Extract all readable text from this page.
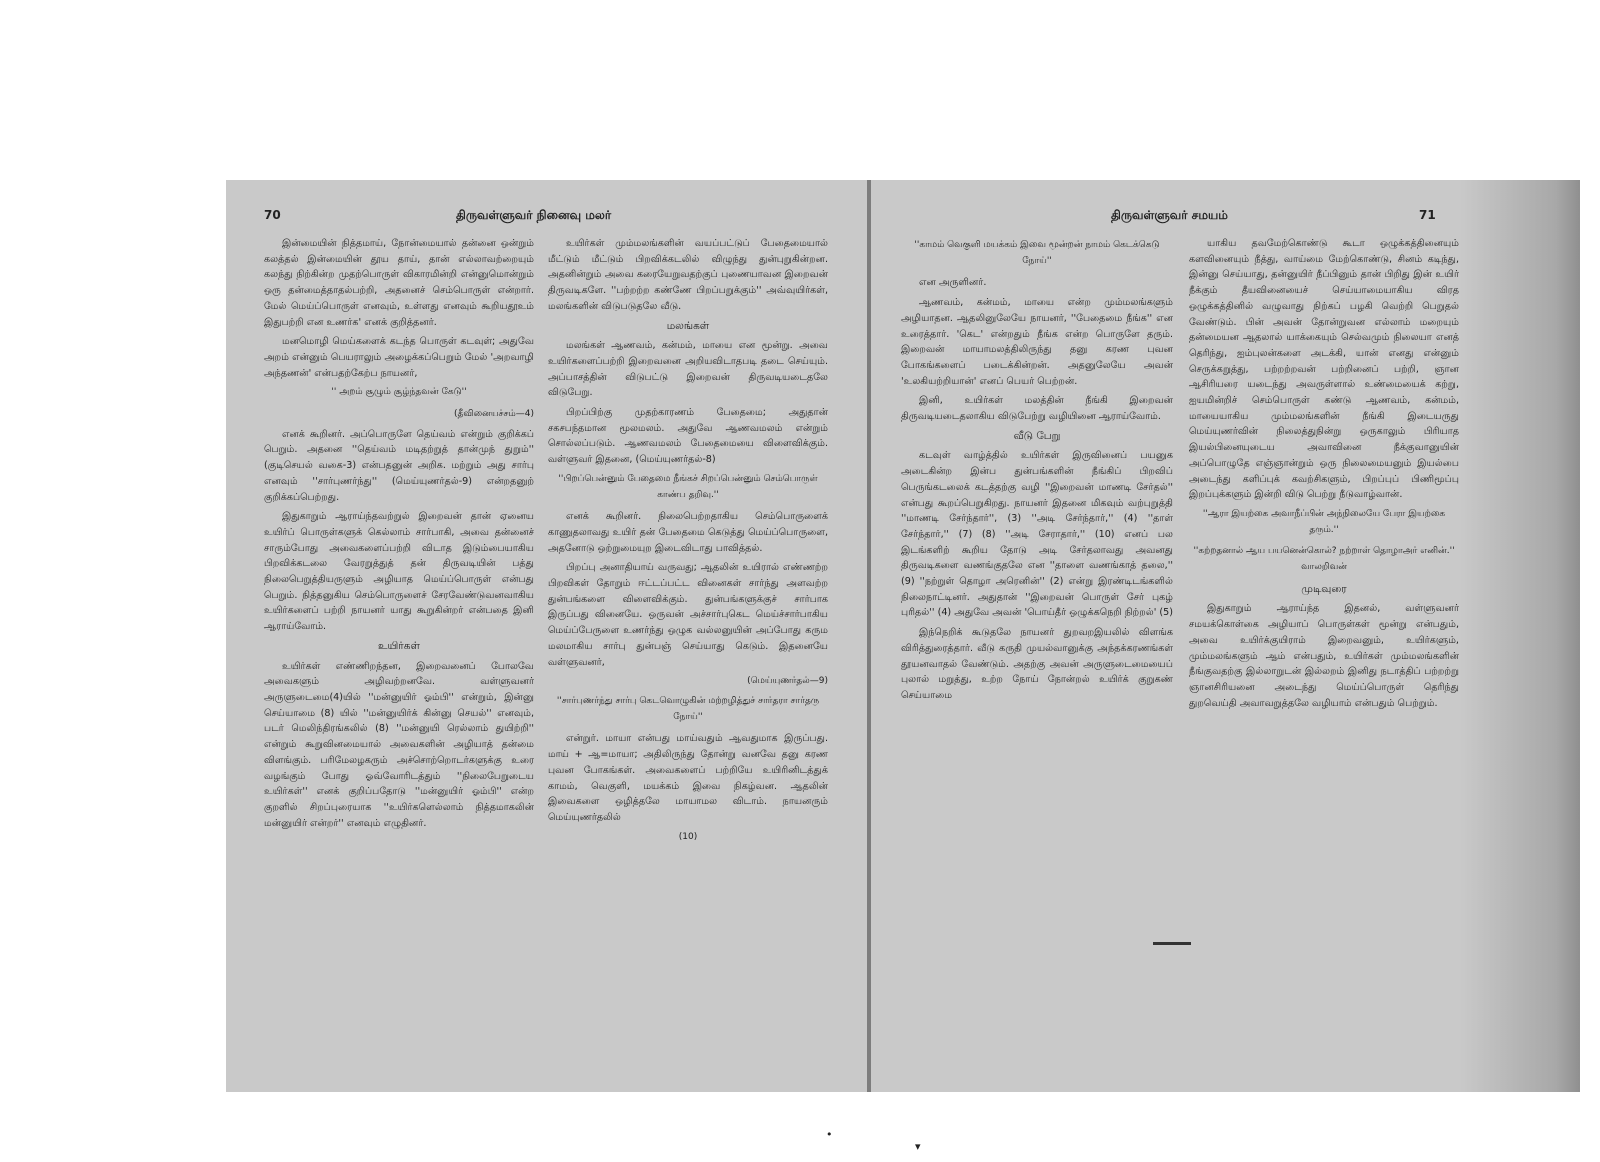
70	திருவள்ளுவர் நினைவு மலர்

இன்மையின் நித்தமாய், நோன்மையால் தன்னை ஒன்றும் கலத்தல் இன்மையின் தூய தாய், தான் எல்லாவற்றையும் கலந்து நிற்கின்ற முதற்பொருள் விகாரமின்றி என்னுமொன்றும் ஒரு தன்மைத்தாதல்பற்றி, அதனைச் செம்பொருள் என்றார். மேல் மெய்ப்பொருள் எனவும், உள்ளது எனவும் கூறியதூஉம் இதுபற்றி என உணர்க' எனக் குறித்தனர்.

மனமொழி மெய்களைக் கடந்த பொருள் கடவுள்; அதுவே அறம் என்னும் பெயராலும் அழைக்கப்பெறும் மேல் 'அறவாழி அந்தணன்' என்பதற்கேற்ப நாயனர்,

'' அறம் சூழும் சூழ்ந்தவன் கேடு''

(தீவினையச்சம்—4)

எனக் கூறினர். அப்பொருளே தெய்வம் என்றும் குறிக்கப் பெறும். அதனை ''தெய்வம் மடிதற்றுத் தான்முந் துறும்'' (குடிசெயல் வகை-3) என்பதனுன் அறிக. மற்றும் அது சார்பு எனவும் ''சார்புணர்ந்து'' (மெய்யுணர்தல்-9) என்றதனுற் குறிக்கப்பெற்றது.

இதுகாறும் ஆராய்ந்தவற்றுல் இறைவன் தான் ஏனைய உயிர்ப் பொருள்களுக் கெல்லாம் சார்பாகி, அவை தன்னைச் சாரும்போது அவைகளைப்பற்றி விடாத இடும்பையாகிய பிறவிக்கடலை வேரறுத்துத் தன் திருவடியின் பத்து நிலைபெறுத்தியருளும் அழியாத மெய்ப்பொருள் என்பது பெறும். நித்தனுகிய செம்பொருளைச் சேரவேண்டுவனவாகிய உயிர்களைப் பற்றி நாயனர் யாது கூறுகின்றர் என்பதை இனி ஆராய்வோம்.

உயிர்கள்

உயிர்கள் எண்ணிறந்தன, இறைவனைப் போலவே அவைகளும் அழிவற்றனவே. வள்ளுவனர் அருளுடைமை(4)யில் ''மன்னுயிர் ஓம்பி'' என்றும், இன்னு செய்யாமை (8) யில் ''மன்னுயிர்க் கின்னு செயல்'' எனவும், படர் மெலிந்திரங்கலில் (8) ''மன்னுயி ரெல்லாம் துயிற்றி'' என்றும் கூறுவினமையால் அவைகளின் அழியாத் தன்மை விளங்கும். பரிமேலழகரும் அச்சொற்றொடர்களுக்கு உரை வழங்கும் போது ஓவ்வோரிடத்தும் ''நிலைபேறுடைய உயிர்கள்'' எனக் குறிப்பதோடு ''மன்னுயிர் ஓம்பி'' என்ற குறளில் சிறப்புரையாக ''உயிர்களெல்லாம் நித்தமாகலின் மன்னுயிர் என்றர்'' எனவும் எழுதினர்.

உயிர்கள் மும்மலங்களின் வயப்பட்டுப் பேதைமையால் மீட்டும் மீட்டும் பிறவிக்கடலில் விழுந்து துன்புறுகின்றன. அதனின்றும் அவை கரையேறுவதற்குப் புணையாவன இறைவன் திருவடிகளே. ''பற்றற்ற கண்ணே பிறப்பறுக்கும்'' அவ்வுயிர்கள், மலங்களின் விடுபடுதலே வீடு.

மலங்கள்

மலங்கள் ஆணவம், கன்மம், மாயை என மூன்று. அவை உயிர்களைப்பற்றி இறைவனை அறியவிடாதபடி தடை செய்யும். அப்பாசத்தின் விடுபட்டு இறைவன் திருவடியடைதலே விடுபேறு.

பிறப்பிற்கு முதற்காரணம் பேதைமை; அதுதான் சகசபந்தமான மூலமலம். அதுவே ஆணவமலம் என்றும் சொல்லப்படும். ஆணவமலம் பேதைமையை விளைவிக்கும். வள்ளுவர் இதனை, (மெய்யுணர்தல்-8)

''பிறப்பென்னும் பேதைமை நீங்கச் சிறப்பென்னும் செம்பொருள் காண்ப தறிவு.''

எனக் கூறினர். நிலைபெற்றதாகிய செம்பொருளைக் காணுதலாவது உயிர் தன் பேதைமை கெடுத்து மெய்ப்பொருளை, அதனோடு ஒற்றுமையுற இடைவிடாது பாவித்தல்.

பிறப்பு அனாதியாய் வருவது; ஆதலின் உயிரால் எண்ணற்ற பிறவிகள் தோறும் ஈட்டப்பட்ட வினைகள் சார்ந்து அளவற்ற துன்பங்களை விளைவிக்கும். துன்பங்களுக்குச் சார்பாக இருப்பது வினையே. ஒருவன் அச்சார்புகெட மெய்ச்சார்பாகிய மெய்ப்பேருளை உணர்ந்து ஒழுக வல்லனுயின் அப்போது கரும மலமாகிய சார்பு துன்பஞ் செய்யாது கெடும். இதனையே வள்ளுவனர்,

(மெய்யுணர்தல்—9)

''சார்புணர்ந்து சார்பு கெடவொழுகின் மற்றழித்துச் சார்தரா சார்தரு நோய்''

என்றுர். மாயா என்பது மாய்வதும் ஆவதுமாக இருப்பது. மாய் + ஆ=மாயா; அதிலிருந்து தோன்று வனவே தனு கரண புவன போகங்கள். அவைகளைப் பற்றியே உயிரினிடத்துக் காமம், வெகுளி, மயக்கம் இவை நிகழ்வன. ஆதலின் இவைகளை ஒழித்தலே மாயாமல விடாம். நாயனரும் மெய்யுணர்தலில்

(10)

திருவள்ளுவர் சமயம்	71

''காமம் வெகுளி மயக்கம் இவை மூன்றன் நாமம் கெடக்கெடு நோய்''

என அருளினர்.

ஆணவம், கன்மம், மாயை என்ற மும்மலங்களும் அழியாதன. ஆதலினுலேயே நாயனர், ''பேதைமை நீங்க'' என உரைத்தார். 'கெட' என்றதும் நீங்க என்ற பொருளே தரும். இறைவன் மாயாமலத்திலிருந்து தனு கரண புவன போகங்களைப் படைக்கின்றன். அதனுலேயே அவன் 'உலகியற்றியான்' எனப் பெயர் பெற்றன்.

இனி, உயிர்கள் மலத்தின் நீங்கி இறைவன் திருவடியடைதலாகிய விடுபேற்று வழியினை ஆராய்வோம்.

வீடு பேறு

கடவுள் வாழ்த்தில் உயிர்கள் இருவினைப் பயனுக அடைகின்ற இன்ப துன்பங்களின் நீங்கிப் பிறவிப் பெருங்கடலைக் கடத்தற்கு வழி ''இறைவன் மாணடி சேர்தல்'' என்பது கூறப்பெறுகிறது. நாயனர் இதனை மிகவும் வற்புறுத்தி ''மாணடி சேர்ந்தார்'', (3) ''அடி சேர்ந்தார்,'' (4) ''தாள் சேர்ந்தார்,'' (7) (8) ''அடி சேராதார்,'' (10) எனப் பல இடங்களிற் கூறிய தோடு அடி சேர்தலாவது அவனது திருவடிகளை வணங்குதலே என ''தாளை வணங்காத் தலை,'' (9) ''நற்றுள் தொழா அரெனின்'' (2) என்று இரண்டிடங்களில் நிலைநாட்டினர். அதுதான் ''இறைவன் பொருள் சேர் புகழ் புரிதல்'' (4) அதுவே அவன் 'பொய்தீர் ஒழுக்கநெறி நிற்றல்' (5)

இந்நெறிக் கூடுதலே நாயனர் துறவறஇயலில் விளங்க விரித்துரைத்தார். வீடு கருதி முயல்வானுக்கு அந்தக்கரணங்கள் தூயனவாதல் வேண்டும். அதற்கு அவன் அருளுடைமையைப் புலால் மறுத்து, உற்ற நோய் நோன்றல் உயிர்க் குறுகண் செய்யாமை

யாகிய தவமேற்கொண்டு கூடா ஒழுக்கத்தினையும் களவினையும் நீத்து, வாய்மை மேற்கொண்டு, சினம் கடிந்து, இன்னு செய்யாது, தன்னுயிர் நீப்பினும் தான் பிறிது இன் உயிர் நீக்கும் தீயவினையைச் செய்யாமையாகிய விரத ஒழுக்கத்தினில் வழுவாது நிற்கப் பழகி வெற்றி பெறுதல் வேண்டும். பின் அவன் தோன்றுவன எல்லாம் மறையும் தன்மையன ஆதலால் யாக்கையும் செல்வமும் நிலையா எனத் தெரிந்து, ஐம்புலன்களை அடக்கி, யான் எனது என்னும் செருக்கறுத்து, பற்றற்றவன் பற்றினைப் பற்றி, ஞான ஆசிரியரை யடைந்து அவருள்ளால் உண்மையைக் கற்று, ஐயமின்றிச் செம்பொருள் கண்டு ஆணவம், கன்மம், மாயையாகிய மும்மலங்களின் நீங்கி இடையருது மெய்யுணர்வின் நிலைத்துநின்று ஒருகாலும் பிரியாத இயல்பினையுடைய அவாவினை நீக்குவானுயின் அப்பொழுதே எஞ்ஞான்றும் ஒரு நிலைமையனும் இயல்பை அடைந்து களிப்புக் கவற்சிகளும், பிறப்புப் பிணிமூப்பு இறப்புக்களும் இன்றி விடு பெற்று நீடுவாழ்வான்.

''ஆரா இயற்கை அவாநீப்பின் அந்நிலையே பேரா இயற்கை தரும்.''

''கற்றதனால் ஆய பயனென்கொல்? நற்றாள் தொழாஅர் எனின்.'' வாலறிவன்

முடிவுரை

இதுகாறும் ஆராய்ந்த இதனல், வள்ளுவனர் சமயக்கொள்கை அழியாப் பொருள்கள் மூன்று என்பதும், அவை உயிர்க்குயிராம் இறைவனும், உயிர்களும், மும்மலங்களும் ஆம் என்பதும், உயிர்கள் மும்மலங்களின் நீங்குவதற்கு இல்லாறுடன் இல்லறம் இனிது நடாத்திப் பற்றற்று ஞானசிரியனை அடைந்து மெய்ப்பொருள் தெரிந்து துறவெய்தி அவாவறுத்தலே வழியாம் என்பதும் பெற்றும்.

•
▾
